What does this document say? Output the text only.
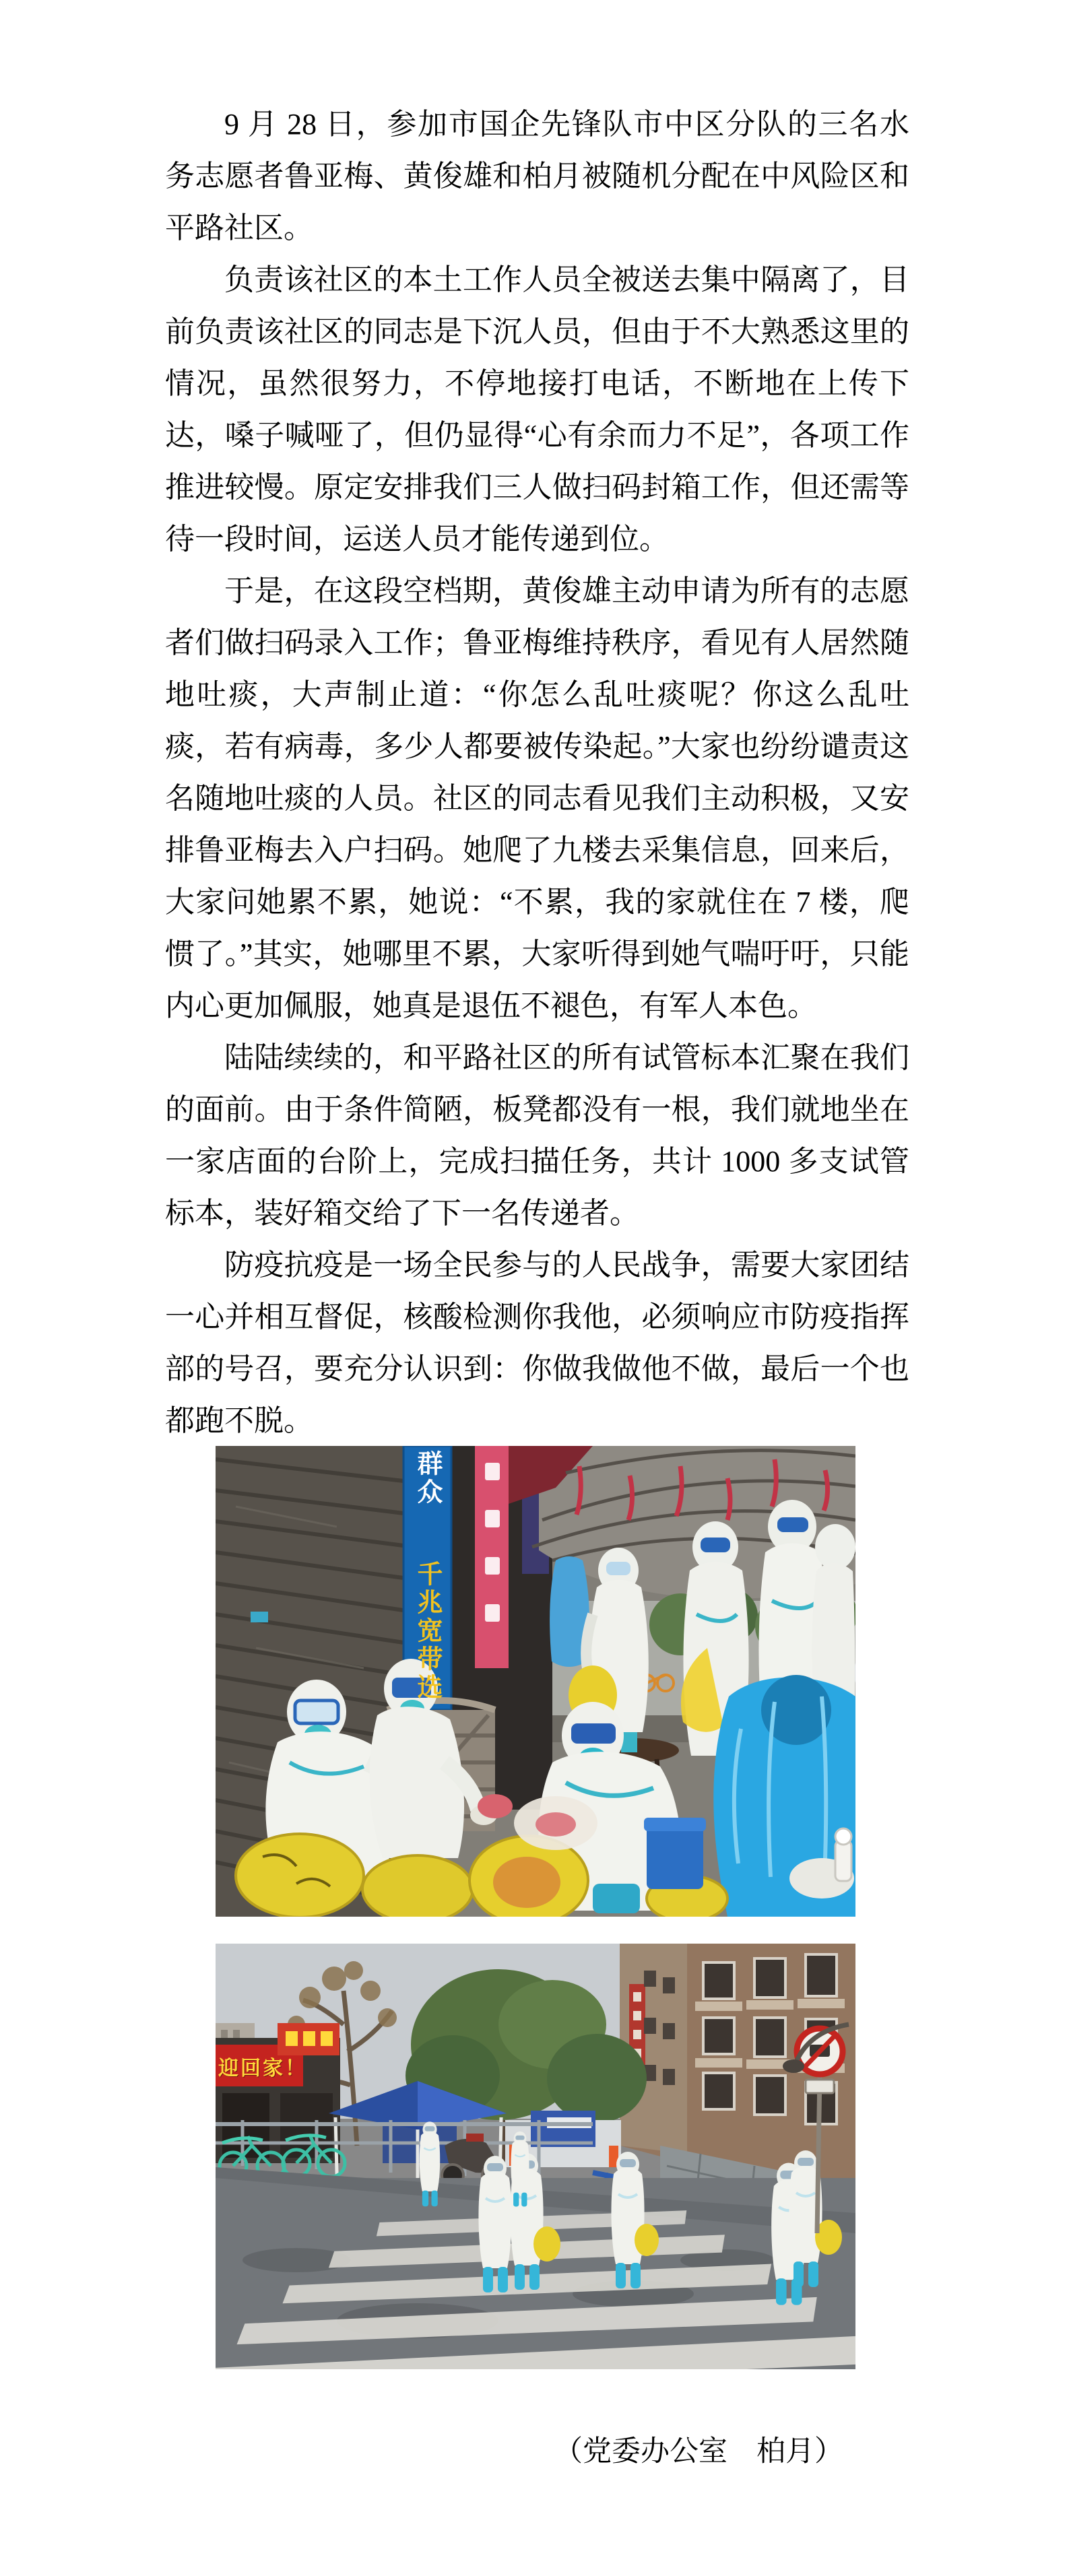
9 月 28 日，参加市国企先锋队市中区分队的三名水务志愿者鲁亚梅、黄俊雄和柏月被随机分配在中风险区和平路社区。

负责该社区的本土工作人员全被送去集中隔离了，目前负责该社区的同志是下沉人员，但由于不大熟悉这里的情况，虽然很努力，不停地接打电话，不断地在上传下达，嗓子喊哑了，但仍显得“心有余而力不足”，各项工作推进较慢。原定安排我们三人做扫码封箱工作，但还需等待一段时间，运送人员才能传递到位。

于是，在这段空档期，黄俊雄主动申请为所有的志愿者们做扫码录入工作；鲁亚梅维持秩序，看见有人居然随地吐痰，大声制止道：“你怎么乱吐痰呢？你这么乱吐痰，若有病毒，多少人都要被传染起。”大家也纷纷谴责这名随地吐痰的人员。社区的同志看见我们主动积极，又安排鲁亚梅去入户扫码。她爬了九楼去采集信息，回来后，大家问她累不累，她说：“不累，我的家就住在 7 楼，爬惯了。”其实，她哪里不累，大家听得到她气喘吁吁，只能内心更加佩服，她真是退伍不褪色，有军人本色。

陆陆续续的，和平路社区的所有试管标本汇聚在我们的面前。由于条件简陋，板凳都没有一根，我们就地坐在一家店面的台阶上，完成扫描任务，共计 1000 多支试管标本，装好箱交给了下一名传递者。

防疫抗疫是一场全民参与的人民战争，需要大家团结一心并相互督促，核酸检测你我他，必须响应市防疫指挥部的号召，要充分认识到：你做我做他不做，最后一个也都跑不脱。

群众 千兆宽带选
迎回家！
（党委办公室　柏月）
